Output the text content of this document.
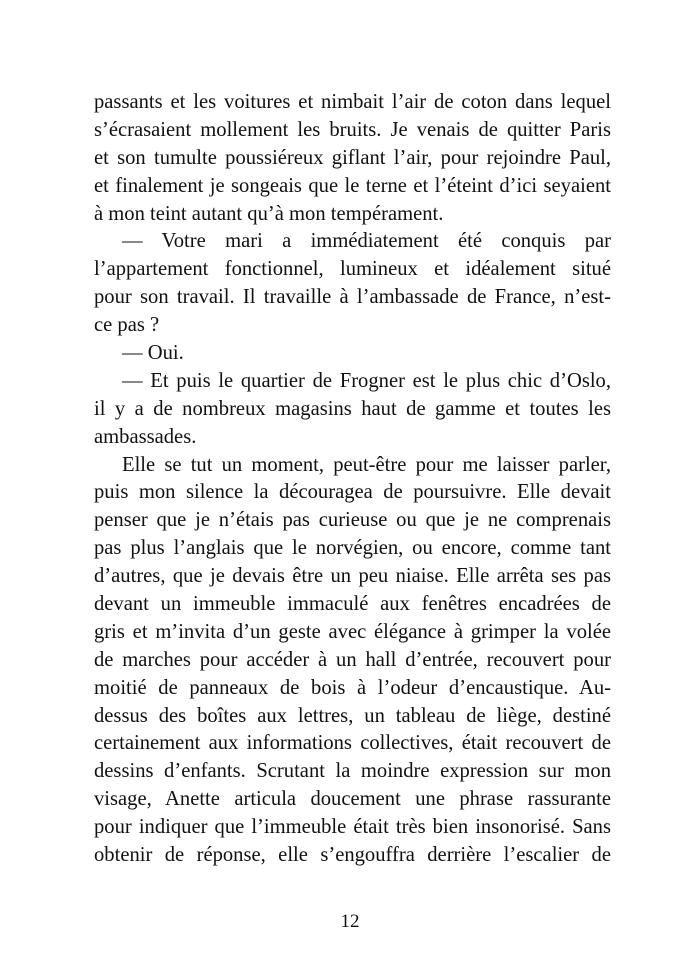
passants et les voitures et nimbait l’air de coton dans lequel
s’écrasaient mollement les bruits. Je venais de quitter Paris
et son tumulte poussiéreux giflant l’air, pour rejoindre Paul,
et finalement je songeais que le terne et l’éteint d’ici seyaient
à mon teint autant qu’à mon tempérament.
— Votre mari a immédiatement été conquis par
l’appartement fonctionnel, lumineux et idéalement situé
pour son travail. Il travaille à l’ambassade de France, n’est-
ce pas ?
— Oui.
— Et puis le quartier de Frogner est le plus chic d’Oslo,
il y a de nombreux magasins haut de gamme et toutes les
ambassades.
Elle se tut un moment, peut-être pour me laisser parler,
puis mon silence la découragea de poursuivre. Elle devait
penser que je n’étais pas curieuse ou que je ne comprenais
pas plus l’anglais que le norvégien, ou encore, comme tant
d’autres, que je devais être un peu niaise. Elle arrêta ses pas
devant un immeuble immaculé aux fenêtres encadrées de
gris et m’invita d’un geste avec élégance à grimper la volée
de marches pour accéder à un hall d’entrée, recouvert pour
moitié de panneaux de bois à l’odeur d’encaustique. Au-
dessus des boîtes aux lettres, un tableau de liège, destiné
certainement aux informations collectives, était recouvert de
dessins d’enfants. Scrutant la moindre expression sur mon
visage, Anette articula doucement une phrase rassurante
pour indiquer que l’immeuble était très bien insonorisé. Sans
obtenir de réponse, elle s’engouffra derrière l’escalier de
12
